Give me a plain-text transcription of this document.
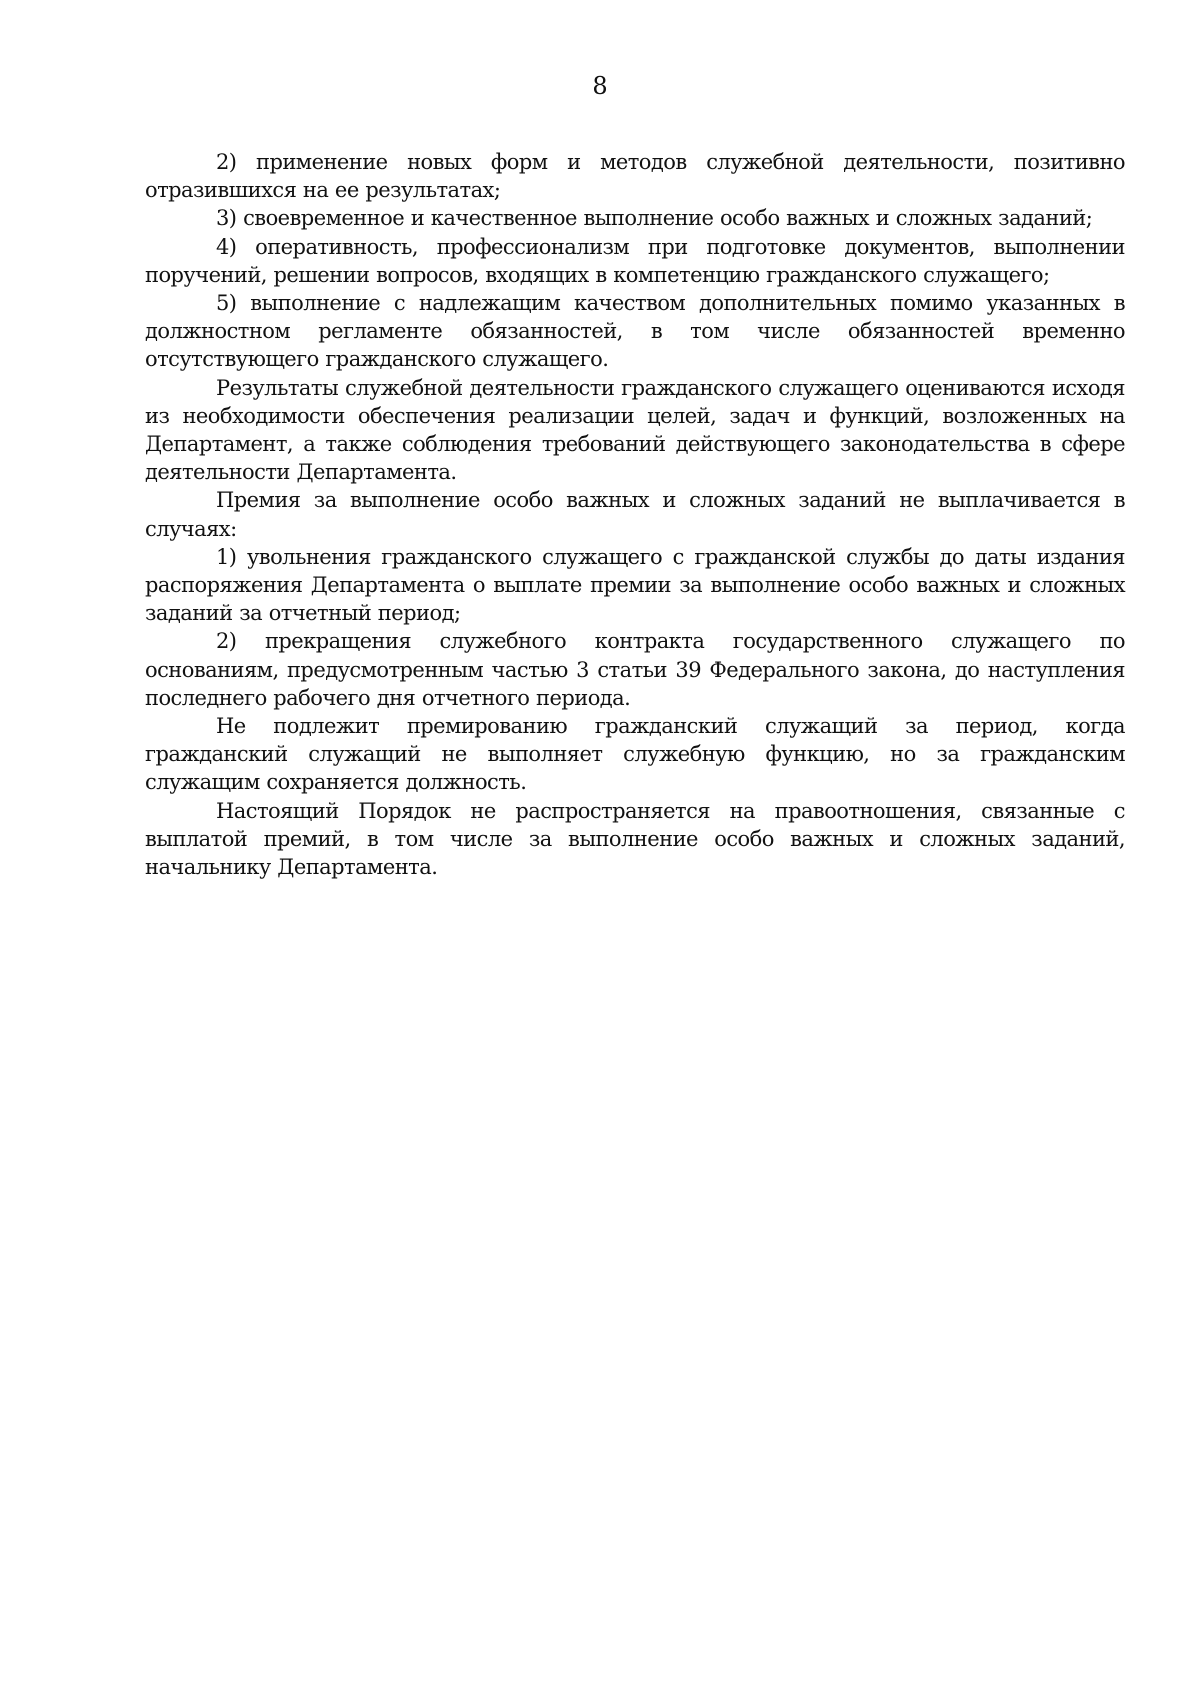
8

2) применение новых форм и методов служебной деятельности, позитивно отразившихся на ее результатах;

3) своевременное и качественное выполнение особо важных и сложных заданий;

4) оперативность, профессионализм при подготовке документов, выполнении поручений, решении вопросов, входящих в компетенцию гражданского служащего;

5) выполнение с надлежащим качеством дополнительных помимо указанных в должностном регламенте обязанностей, в том числе обязанностей временно отсутствующего гражданского служащего.

Результаты служебной деятельности гражданского служащего оцениваются исходя из необходимости обеспечения реализации целей, задач и функций, возложенных на Департамент, а также соблюдения требований действующего законодательства в сфере деятельности Департамента.

Премия за выполнение особо важных и сложных заданий не выплачивается в случаях:

1) увольнения гражданского служащего с гражданской службы до даты издания распоряжения Департамента о выплате премии за выполнение особо важных и сложных заданий за отчетный период;

2) прекращения служебного контракта государственного служащего по основаниям, предусмотренным частью 3 статьи 39 Федерального закона, до наступления последнего рабочего дня отчетного периода.

Не подлежит премированию гражданский служащий за период, когда гражданский служащий не выполняет служебную функцию, но за гражданским служащим сохраняется должность.

Настоящий Порядок не распространяется на правоотношения, связанные с выплатой премий, в том числе за выполнение особо важных и сложных заданий, начальнику Департамента.
